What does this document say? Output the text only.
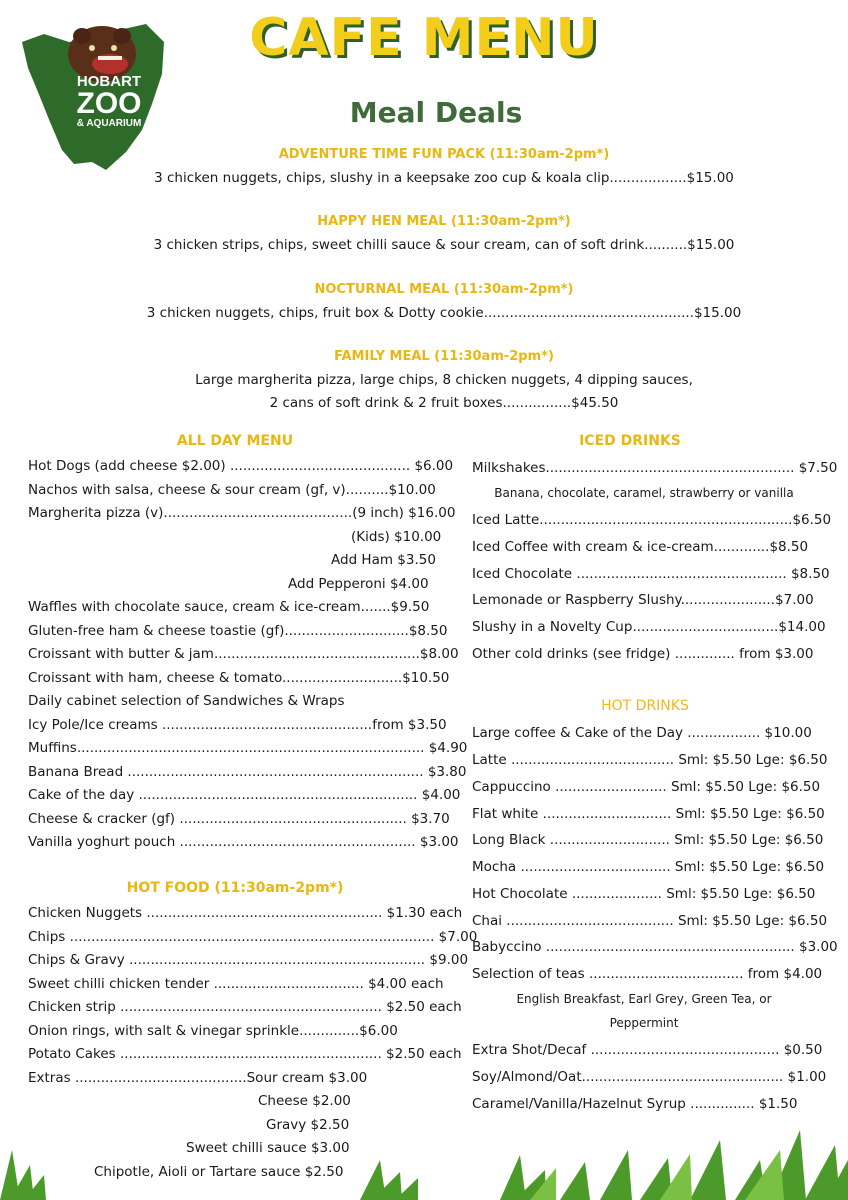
HOBART
ZOO
& AQUARIUM
CAFE MENU
Meal Deals
ADVENTURE TIME FUN PACK (11:30am-2pm*)
3 chicken nuggets, chips, slushy in a keepsake zoo cup & koala clip..................$15.00
HAPPY HEN MEAL (11:30am-2pm*)
3 chicken strips, chips, sweet chilli sauce & sour cream, can of soft drink..........$15.00
NOCTURNAL MEAL (11:30am-2pm*)
3 chicken nuggets, chips, fruit box & Dotty cookie.................................................$15.00
FAMILY MEAL (11:30am-2pm*)
Large margherita pizza, large chips, 8 chicken nuggets, 4 dipping sauces,
2 cans of soft drink & 2 fruit boxes................$45.50
ALL DAY MENU
Hot Dogs (add cheese $2.00) .......................................... $6.00
Nachos with salsa, cheese & sour cream (gf, v)..........$10.00
Margherita pizza (v)............................................(9 inch) $16.00
(Kids) $10.00
Add Ham $3.50
Add Pepperoni $4.00
Waffles with chocolate sauce, cream & ice-cream.......$9.50
Gluten-free ham & cheese toastie (gf).............................$8.50
Croissant with butter & jam................................................$8.00
Croissant with ham, cheese & tomato............................$10.50
Daily cabinet selection of Sandwiches & Wraps
Icy Pole/Ice creams .................................................from $3.50
Muffins................................................................................. $4.90
Banana Bread ..................................................................... $3.80
Cake of the day ................................................................. $4.00
Cheese & cracker (gf) ..................................................... $3.70
Vanilla yoghurt pouch ....................................................... $3.00
HOT FOOD (11:30am-2pm*)
Chicken Nuggets ....................................................... $1.30 each
Chips ..................................................................................... $7.00
Chips & Gravy ..................................................................... $9.00
Sweet chilli chicken tender ................................... $4.00 each
Chicken strip ............................................................. $2.50 each
Onion rings, with salt & vinegar sprinkle..............$6.00
Potato Cakes ............................................................. $2.50 each
Extras ........................................Sour cream $3.00
Cheese $2.00
Gravy $2.50
Sweet chilli sauce $3.00
Chipotle, Aioli or Tartare sauce $2.50
ICED DRINKS
Milkshakes.......................................................... $7.50
Banana, chocolate, caramel, strawberry or vanilla
Iced Latte...........................................................$6.50
Iced Coffee with cream & ice-cream.............$8.50
Iced Chocolate ................................................. $8.50
Lemonade or Raspberry Slushy......................$7.00
Slushy in a Novelty Cup..................................$14.00
Other cold drinks (see fridge) .............. from $3.00
HOT DRINKS
Large coffee & Cake of the Day ................. $10.00
Latte ...................................... Sml: $5.50 Lge: $6.50
Cappuccino .......................... Sml: $5.50 Lge: $6.50
Flat white .............................. Sml: $5.50 Lge: $6.50
Long Black ............................ Sml: $5.50 Lge: $6.50
Mocha ................................... Sml: $5.50 Lge: $6.50
Hot Chocolate ..................... Sml: $5.50 Lge: $6.50
Chai ....................................... Sml: $5.50 Lge: $6.50
Babyccino .......................................................... $3.00
Selection of teas .................................... from $4.00
English Breakfast, Earl Grey, Green Tea, or
Peppermint
Extra Shot/Decaf ............................................ $0.50
Soy/Almond/Oat............................................... $1.00
Caramel/Vanilla/Hazelnut Syrup ............... $1.50
